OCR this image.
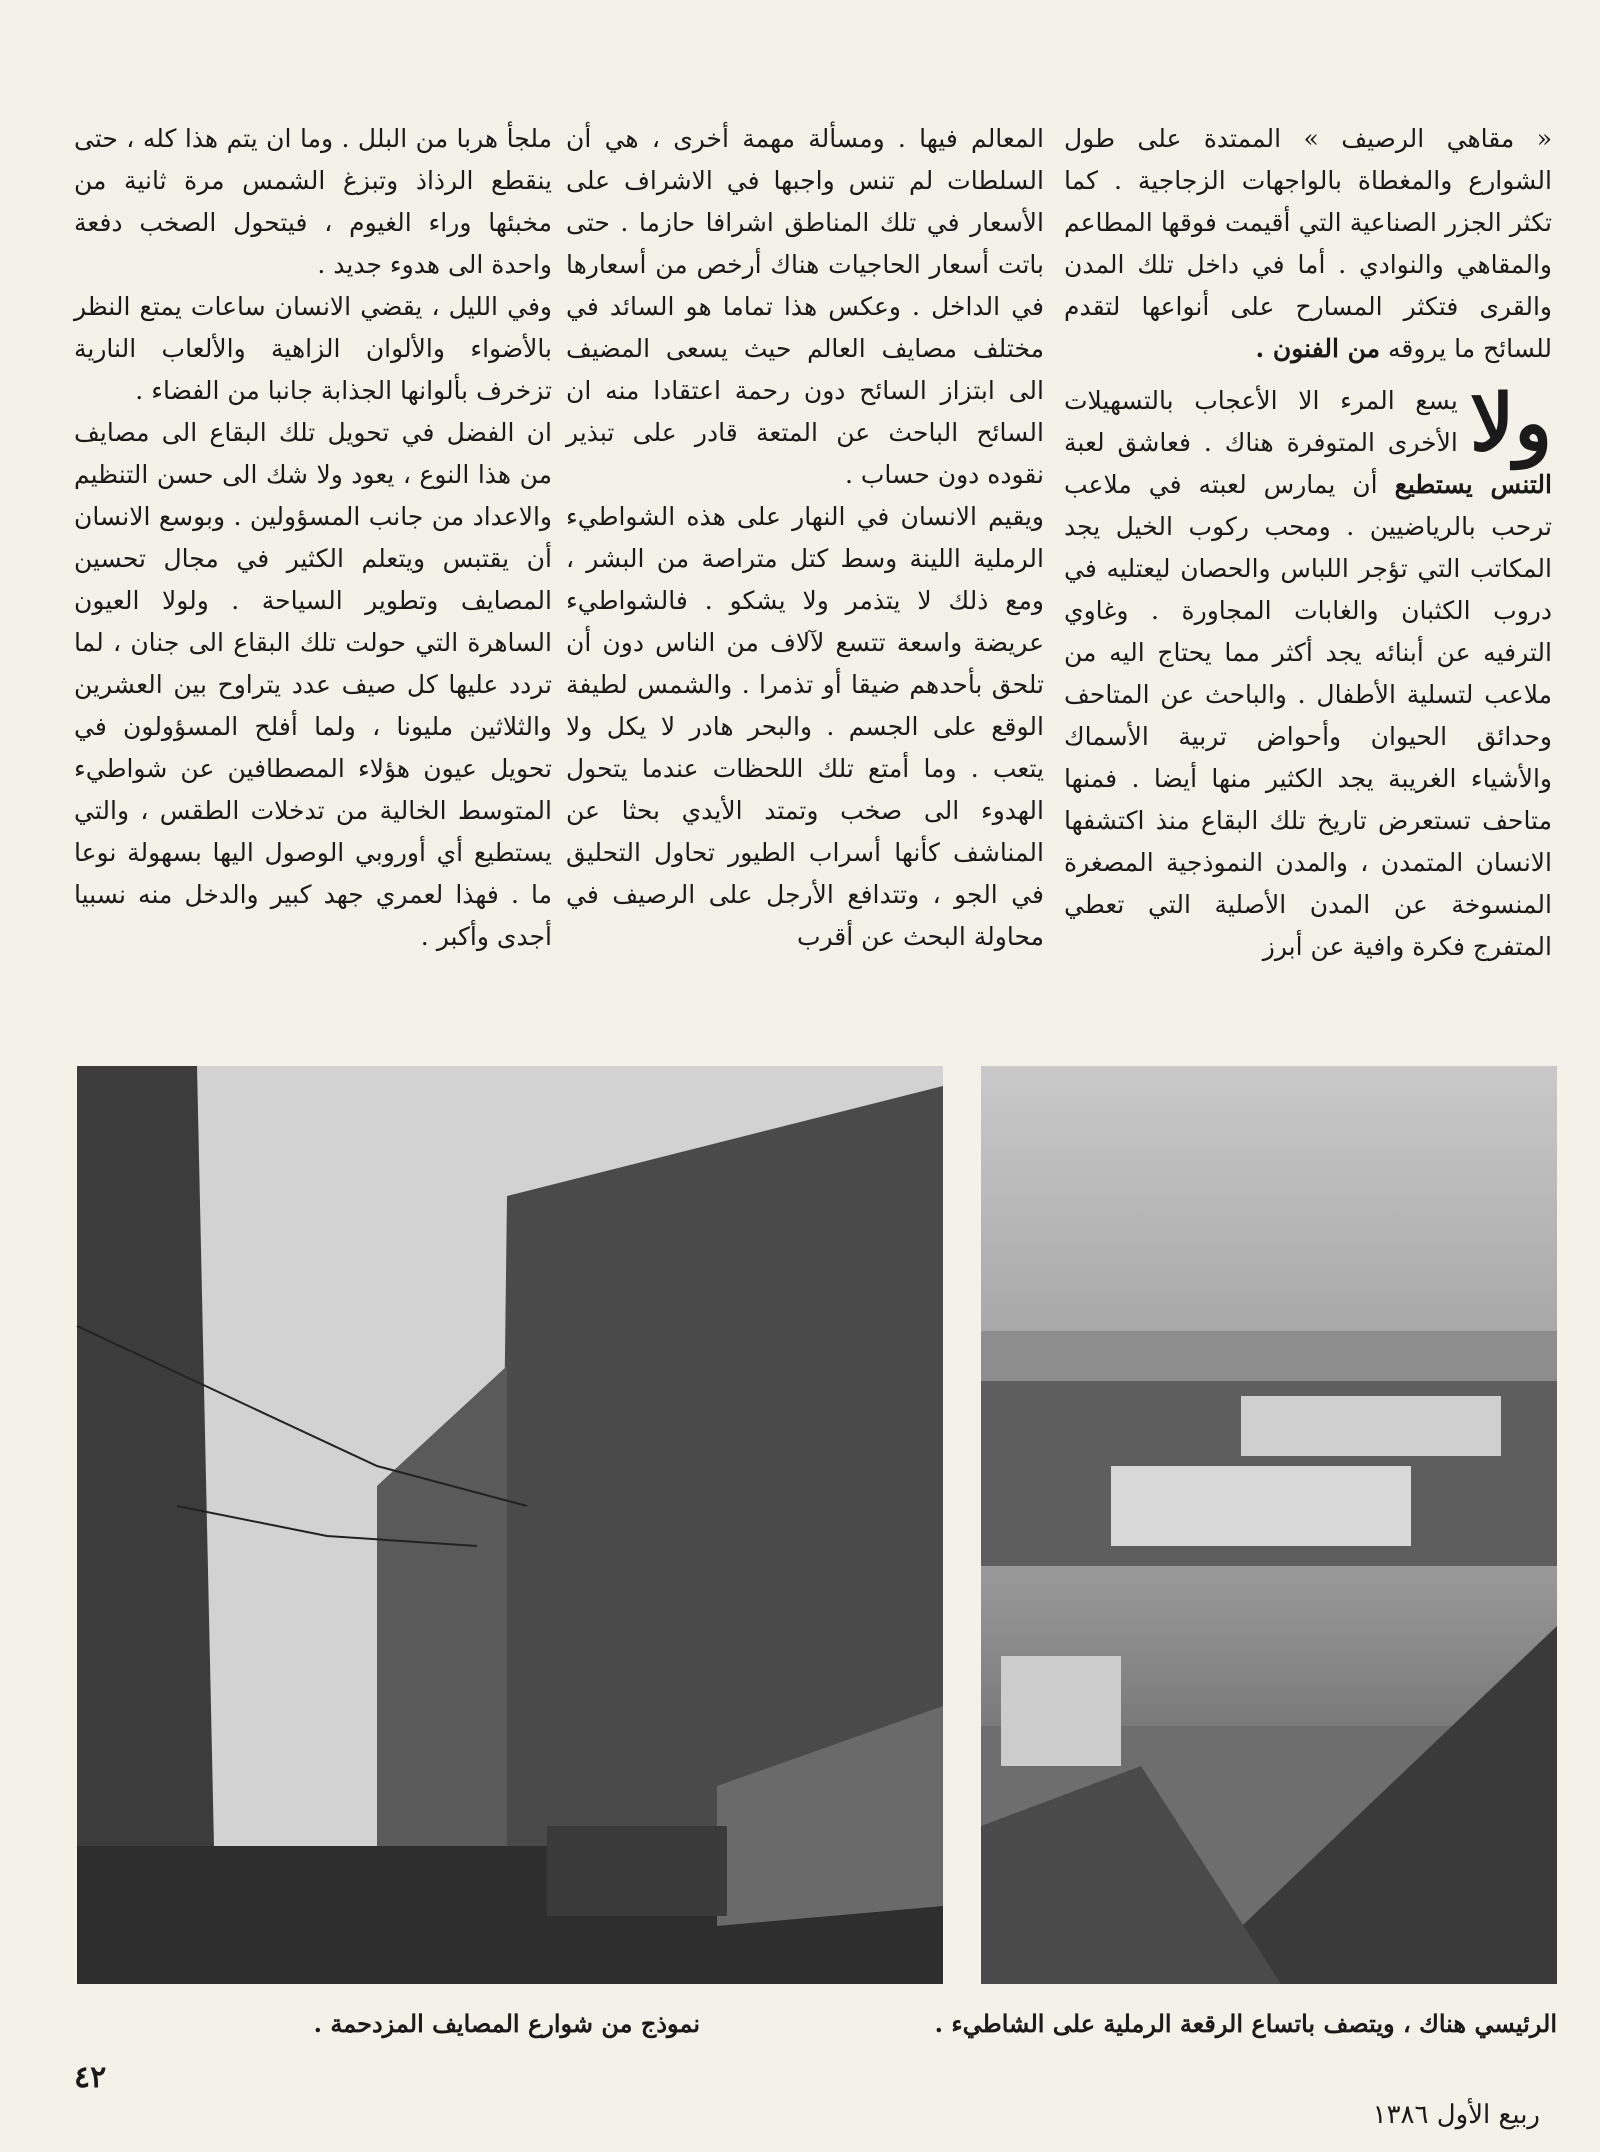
« مقاهي الرصيف » الممتدة على طول الشوارع والمغطاة بالواجهات الزجاجية . كما تكثر الجزر الصناعية التي أقيمت فوقها المطاعم والمقاهي والنوادي . أما في داخل تلك المدن والقرى فتكثر المسارح على أنواعها لتقدم للسائح ما يروقه من الفنون .

ولا
يسع المرء الا الأعجاب بالتسهيلات الأخرى المتوفرة هناك . فعاشق لعبة التنس يستطيع أن يمارس لعبته في ملاعب ترحب بالرياضيين . ومحب ركوب الخيل يجد المكاتب التي تؤجر اللباس والحصان ليعتليه في دروب الكثبان والغابات المجاورة . وغاوي الترفيه عن أبنائه يجد أكثر مما يحتاج اليه من ملاعب لتسلية الأطفال . والباحث عن المتاحف وحدائق الحيوان وأحواض تربية الأسماك والأشياء الغريبة يجد الكثير منها أيضا . فمنها متاحف تستعرض تاريخ تلك البقاع منذ اكتشفها الانسان المتمدن ، والمدن النموذجية المصغرة المنسوخة عن المدن الأصلية التي تعطي المتفرج فكرة وافية عن أبرز

المعالم فيها . ومسألة مهمة أخرى ، هي أن السلطات لم تنس واجبها في الاشراف على الأسعار في تلك المناطق اشرافا حازما . حتى باتت أسعار الحاجيات هناك أرخص من أسعارها في الداخل . وعكس هذا تماما هو السائد في مختلف مصايف العالم حيث يسعى المضيف الى ابتزاز السائح دون رحمة اعتقادا منه ان السائح الباحث عن المتعة قادر على تبذير نقوده دون حساب .

ويقيم الانسان في النهار على هذه الشواطيء الرملية اللينة وسط كتل متراصة من البشر ، ومع ذلك لا يتذمر ولا يشكو . فالشواطيء عريضة واسعة تتسع لآلاف من الناس دون أن تلحق بأحدهم ضيقا أو تذمرا . والشمس لطيفة الوقع على الجسم . والبحر هادر لا يكل ولا يتعب . وما أمتع تلك اللحظات عندما يتحول الهدوء الى صخب وتمتد الأيدي بحثا عن المناشف كأنها أسراب الطيور تحاول التحليق في الجو ، وتتدافع الأرجل على الرصيف في محاولة البحث عن أقرب

ملجأ هربا من البلل . وما ان يتم هذا كله ، حتى ينقطع الرذاذ وتبزغ الشمس مرة ثانية من مخبئها وراء الغيوم ، فيتحول الصخب دفعة واحدة الى هدوء جديد .

وفي الليل ، يقضي الانسان ساعات يمتع النظر بالأضواء والألوان الزاهية والألعاب النارية تزخرف بألوانها الجذابة جانبا من الفضاء .

ان الفضل في تحويل تلك البقاع الى مصايف من هذا النوع ، يعود ولا شك الى حسن التنظيم والاعداد من جانب المسؤولين . وبوسع الانسان أن يقتبس ويتعلم الكثير في مجال تحسين المصايف وتطوير السياحة . ولولا العيون الساهرة التي حولت تلك البقاع الى جنان ، لما تردد عليها كل صيف عدد يتراوح بين العشرين والثلاثين مليونا ، ولما أفلح المسؤولون في تحويل عيون هؤلاء المصطافين عن شواطيء المتوسط الخالية من تدخلات الطقس ، والتي يستطيع أي أوروبي الوصول اليها بسهولة نوعا ما . فهذا لعمري جهد كبير والدخل منه نسبيا أجدى وأكبر .

الرئيسي هناك ، ويتصف باتساع الرقعة الرملية على الشاطيء .
نموذج من شوارع المصايف المزدحمة .
٤٢
ربيع الأول ١٣٨٦
